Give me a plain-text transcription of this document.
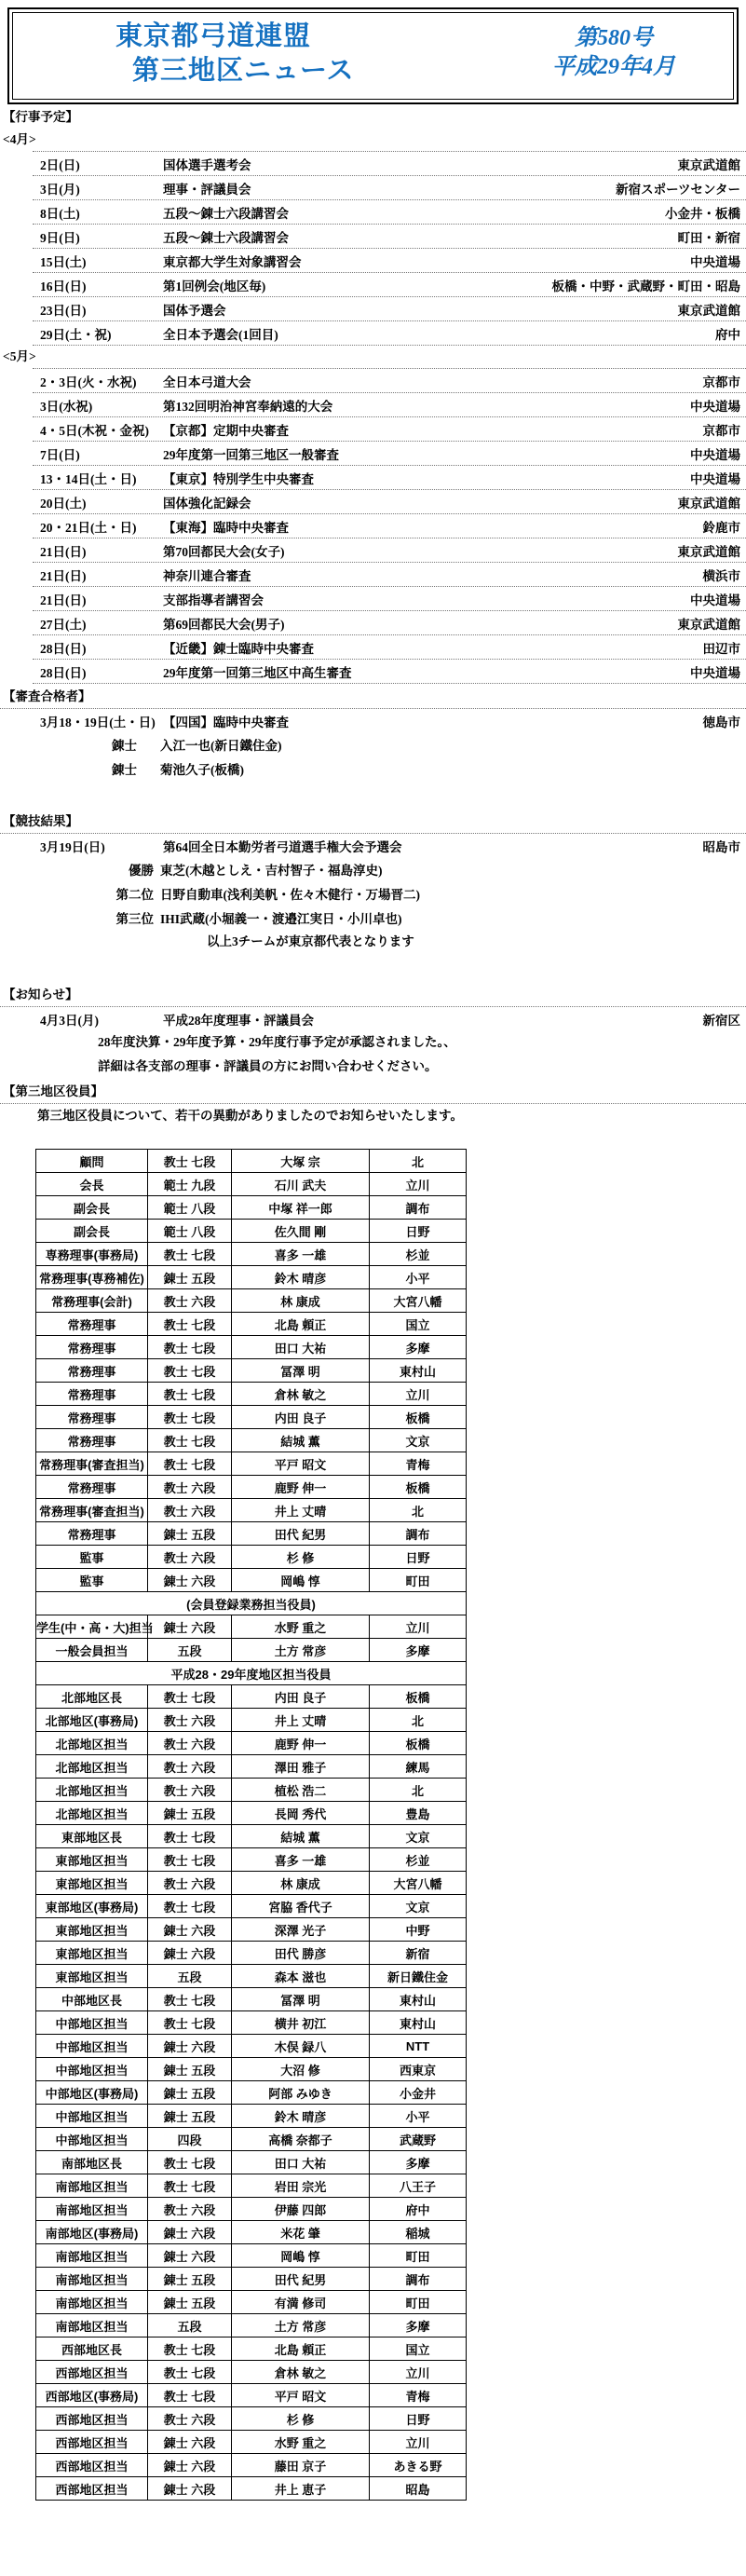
東京都弓道連盟
第三地区ニュース
第580号
平成29年4月
【行事予定】
<4月>
2日(日)	国体選手選考会	東京武道館
3日(月)	理事・評議員会	新宿スポーツセンター
8日(土)	五段～錬士六段講習会	小金井・板橋
9日(日)	五段～錬士六段講習会	町田・新宿
15日(土)	東京都大学生対象講習会	中央道場
16日(日)	第1回例会(地区毎)	板橋・中野・武蔵野・町田・昭島
23日(日)	国体予選会	東京武道館
29日(土・祝)	全日本予選会(1回目)	府中
<5月>
2・3日(火・水祝)	全日本弓道大会	京都市
3日(水祝)	第132回明治神宮奉納遠的大会	中央道場
4・5日(木祝・金祝)	【京都】定期中央審査	京都市
7日(日)	29年度第一回第三地区一般審査	中央道場
13・14日(土・日)	【東京】特別学生中央審査	中央道場
20日(土)	国体強化記録会	東京武道館
20・21日(土・日)	【東海】臨時中央審査	鈴鹿市
21日(日)	第70回都民大会(女子)	東京武道館
21日(日)	神奈川連合審査	横浜市
21日(日)	支部指導者講習会	中央道場
27日(土)	第69回都民大会(男子)	東京武道館
28日(日)	【近畿】錬士臨時中央審査	田辺市
28日(日)	29年度第一回第三地区中高生審査	中央道場
【審査合格者】
3月18・19日(土・日) 【四国】臨時中央審査	徳島市
錬士	入江一也(新日鐵住金)
錬士	菊池久子(板橋)
【競技結果】
3月19日(日)	第64回全日本勤労者弓道選手権大会予選会	昭島市
優勝 東芝(木越としえ・吉村智子・福島淳史)
第二位 日野自動車(浅利美帆・佐々木健行・万場晋二)
第三位 IHI武蔵(小堀義一・渡邉江実日・小川卓也)
以上3チームが東京都代表となります
【お知らせ】
4月3日(月)	平成28年度理事・評議員会	新宿区
28年度決算・29年度予算・29年度行事予定が承認されました。、
詳細は各支部の理事・評議員の方にお問い合わせください。
【第三地区役員】
第三地区役員について、若干の異動がありましたのでお知らせいたします。
顧問	教士 七段	大塚 宗	北
会長	範士 九段	石川 武夫	立川
副会長	範士 八段	中塚 祥一郎	調布
副会長	範士 八段	佐久間 剛	日野
専務理事(事務局)	教士 七段	喜多 一雄	杉並
常務理事(専務補佐)	錬士 五段	鈴木 晴彦	小平
常務理事(会計)	教士 六段	林 康成	大宮八幡
常務理事	教士 七段	北島 頼正	国立
常務理事	教士 七段	田口 大祐	多摩
常務理事	教士 七段	冨澤 明	東村山
常務理事	教士 七段	倉林 敏之	立川
常務理事	教士 七段	内田 良子	板橋
常務理事	教士 七段	結城 薫	文京
常務理事(審査担当)	教士 七段	平戸 昭文	青梅
常務理事	教士 六段	鹿野 伸一	板橋
常務理事(審査担当)	教士 六段	井上 丈晴	北
常務理事	錬士 五段	田代 紀男	調布
監事	教士 六段	杉 修	日野
監事	錬士 六段	岡嶋 惇	町田
(会員登録業務担当役員)			
学生(中・高・大)担当	錬士 六段	水野 重之	立川
一般会員担当	五段	土方 常彦	多摩
平成28・29年度地区担当役員			
北部地区長	教士 七段	内田 良子	板橋
北部地区(事務局)	教士 六段	井上 丈晴	北
北部地区担当	教士 六段	鹿野 伸一	板橋
北部地区担当	教士 六段	澤田 雅子	練馬
北部地区担当	教士 六段	植松 浩二	北
北部地区担当	錬士 五段	長岡 秀代	豊島
東部地区長	教士 七段	結城 薫	文京
東部地区担当	教士 七段	喜多 一雄	杉並
東部地区担当	教士 六段	林 康成	大宮八幡
東部地区(事務局)	教士 七段	宮脇 香代子	文京
東部地区担当	錬士 六段	深澤 光子	中野
東部地区担当	錬士 六段	田代 勝彦	新宿
東部地区担当	五段	森本 滋也	新日鐵住金
中部地区長	教士 七段	冨澤 明	東村山
中部地区担当	教士 七段	横井 初江	東村山
中部地区担当	錬士 六段	木俣 録八	NTT
中部地区担当	錬士 五段	大沼 修	西東京
中部地区(事務局)	錬士 五段	阿部 みゆき	小金井
中部地区担当	錬士 五段	鈴木 晴彦	小平
中部地区担当	四段	高橋 奈都子	武蔵野
南部地区長	教士 七段	田口 大祐	多摩
南部地区担当	教士 七段	岩田 宗光	八王子
南部地区担当	教士 六段	伊藤 四郎	府中
南部地区(事務局)	錬士 六段	米花 肇	稲城
南部地区担当	錬士 六段	岡嶋 惇	町田
南部地区担当	錬士 五段	田代 紀男	調布
南部地区担当	錬士 五段	有満 修司	町田
南部地区担当	五段	土方 常彦	多摩
西部地区長	教士 七段	北島 頼正	国立
西部地区担当	教士 七段	倉林 敏之	立川
西部地区(事務局)	教士 七段	平戸 昭文	青梅
西部地区担当	教士 六段	杉 修	日野
西部地区担当	錬士 六段	水野 重之	立川
西部地区担当	錬士 六段	藤田 京子	あきる野
西部地区担当	錬士 六段	井上 恵子	昭島
